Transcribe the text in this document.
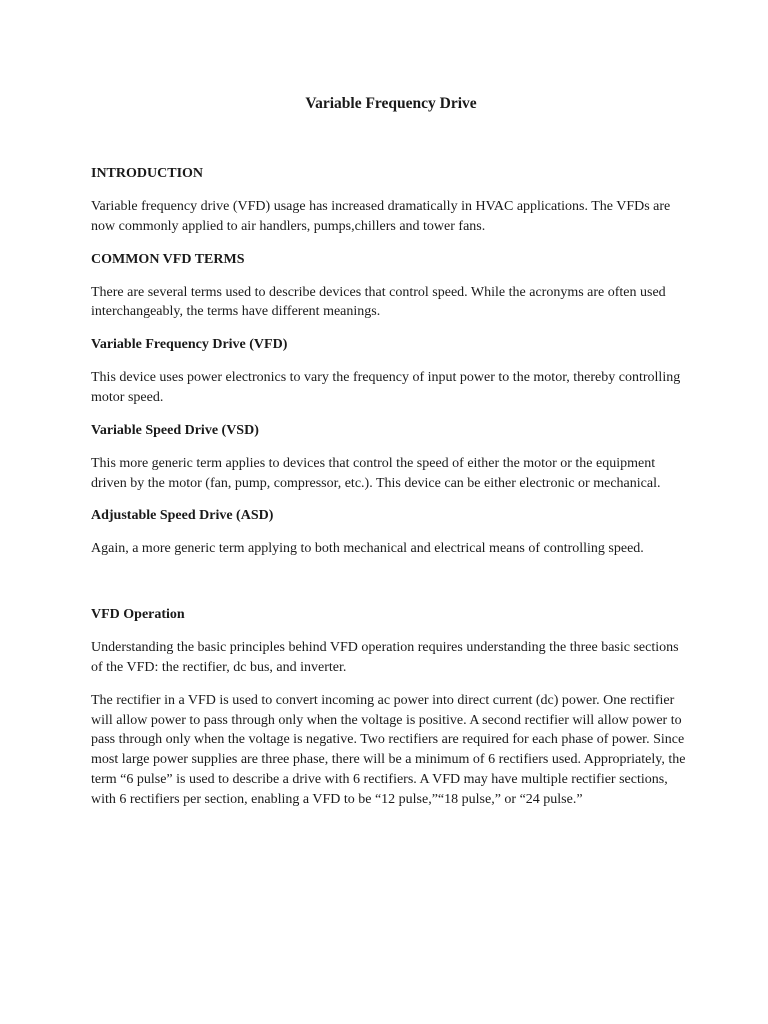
Variable Frequency Drive
INTRODUCTION
Variable frequency drive (VFD) usage has increased dramatically in HVAC applications. The VFDs are now commonly applied to air handlers, pumps,chillers and tower fans.
COMMON VFD TERMS
There are several terms used to describe devices that control speed. While the acronyms are often used interchangeably, the terms have different meanings.
Variable Frequency Drive (VFD)
This device uses power electronics to vary the frequency of input power to the motor, thereby controlling motor speed.
Variable Speed Drive (VSD)
This more generic term applies to devices that control the speed of either the motor or the equipment driven by the motor (fan, pump, compressor, etc.). This device can be either electronic or mechanical.
Adjustable Speed Drive (ASD)
Again, a more generic term applying to both mechanical and electrical means of controlling speed.
VFD Operation
Understanding the basic principles behind VFD operation requires understanding the three basic sections of the VFD: the rectifier, dc bus, and inverter.
The rectifier in a VFD is used to convert incoming ac power into direct current (dc) power. One rectifier will allow power to pass through only when the voltage is positive. A second rectifier will allow power to pass through only when the voltage is negative. Two rectifiers are required for each phase of power. Since most large power supplies are three phase, there will be a minimum of 6 rectifiers used. Appropriately, the term “6 pulse” is used to describe a drive with 6 rectifiers. A VFD may have multiple rectifier sections, with 6 rectifiers per section, enabling a VFD to be “12 pulse,”“18 pulse,” or “24 pulse.”
